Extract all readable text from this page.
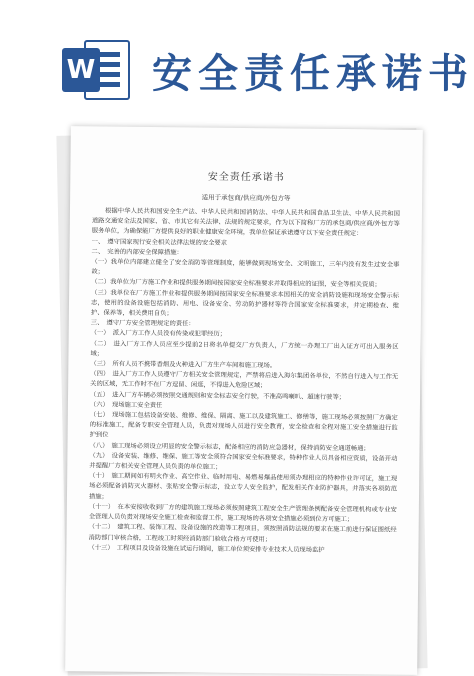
W 安全责任承诺书
安全责任承诺书
适用于承包商/供应商/外包方等

根据中华人民共和国安全生产法、中华人民共和国消防法、中华人民共和国食品卫生法、中华人民共和国道路交通安全法及国家、省、市其它有关法律、法规的规定要求，作为以下简称厂方的承包商/供应商/外包方等服务单位，为确保能厂方提供良好的职业健康安全环境，我单位保证承诺遵守以下安全责任规定：

一、　遵守国家现行安全相关法律法规的安全要求

二、　完善的内部安全保障措施：

（一）我单位内部建立健全了安全消防等管理制度，能够做到现场安全、文明施工，三年内没有发生过安全事故；

（二）我单位为厂方施工作业和提供服务期间按国家安全标准要求并取得相应的证照，安全等相关资质；

（三）我单位在厂方施工作业和提供服务期间按国家安全标准要求本国相关的安全消防设施和现场安全警示标志，使用的设备设施包括消防、用电、设备安全、劳动防护器材等符合国家安全标准要求，并定期检查、维护、保养等，相关费用自负；

三、　遵守厂方安全管理规定的责任：

（一）　派入厂方工作人员没有传染或犯罪经历；

（二）　进入厂方工作人员应至少提前2日将名单提交厂方负责人，厂方统一办理工厂出入证方可出入服务区域；

（三）　所有人员不携带香烟及火种进入厂方生产车间和施工现场。

（四）　进入厂方工作人员遵守厂方相关安全管理规定，严禁将后进入海尔集团各单位，不然自行进入与工作无关的区域，无工作时不在厂方逗留、闲逛，不得进入危险区域；

（五）　进入厂方车辆必须按照交通规则和安全标志安全行驶，不准高鸣喇叭、超速行驶等；

（六）　现场施工安全责任

（七）　现场施工包括设备安装、维修、维保、隔离、施工以及建筑施工、修缮等，施工现场必须按照厂方确定的标准施工，配备专职安全管理人员，负责对现场人员进行安全教育，安全检查和全程对施工安全措施进行监护到位

（八）　施工现场必须设立明显的安全警示标志，配备相应的消防应急器材，保持消防安全通道畅通；

（九）　设备安装、维修、维保、施工等安全须符合国家安全标准要求，特种作业人员具备相应资质，设备开动并提醒厂方相关安全管理人员负责的单位施工；

（十）　施工期间如有明火作业、高空作业、临时用电、易燃易爆品使用须办理相应的特种作业许可证，施工现场必须配备消防灭火器材、张贴安全警示标志，设立专人安全监护，配发相关作业防护器具，并落实各项防范措施；

（十一）　在本安接收收到厂方的建筑施工现场必须按照建筑工程安全生产管理条例配备安全管理机构或专业安全管理人员负责对现场安全施工检查和监督工作，施工现场的各项安全措施必须到位方可施工；

（十二）　建筑工程、装饰工程、设备设施的改造等工程项目，须按照消防法规的要求在施工前进行保证图纸经消防部门审核合格，工程竣工时须经消防部门验收合格方可使用；

（十三）　工程项目及设备设施在试运行期间，施工单位须安排专业技术人员现场监护
